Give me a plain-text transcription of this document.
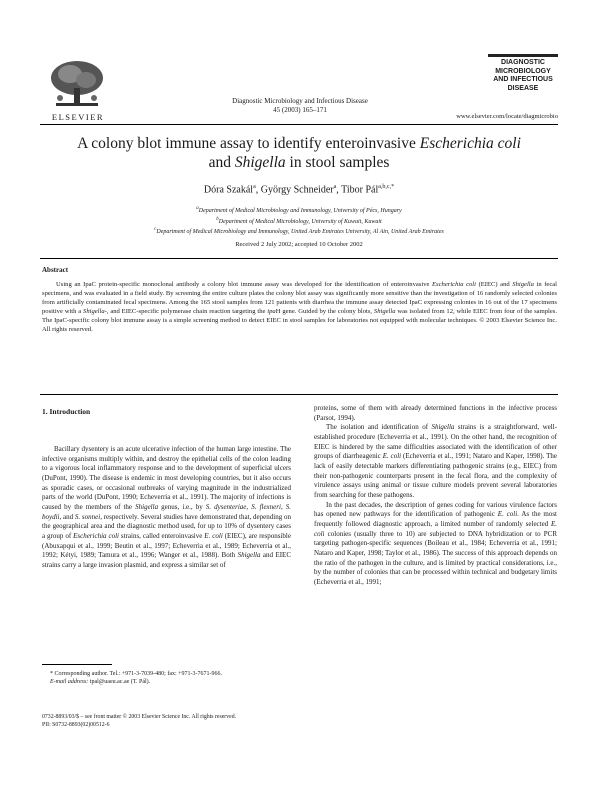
ELSEVIER
Diagnostic Microbiology and Infectious Disease
45 (2003) 165–171
DIAGNOSTIC
MICROBIOLOGY
AND INFECTIOUS
DISEASE
www.elsevier.com/locate/diagmicrobio
A colony blot immune assay to identify enteroinvasive Escherichia coli
and Shigella in stool samples
Dóra Szakál$^a$, György Schneider$^a$, Tibor Pál$^{a,b,c,*}$
$^a$Department of Medical Microbiology and Immunology, University of Pécs, Hungary
$^b$Department of Medical Microbiology, University of Kuwait, Kuwait
$^c$Department of Medical Microbiology and Immunology, United Arab Emirates University, Al Ain, United Arab Emirates
Received 2 July 2002; accepted 10 October 2002
Abstract
Using an IpaC protein-specific monoclonal antibody a colony blot immune assay was developed for the identification of enteroinvasive Escherichia coli (EIEC) and Shigella in fecal specimens, and was evaluated in a field study. By screening the entire culture plates the colony blot assay was significantly more sensitive than the investigation of 16 randomly selected colonies from artificially contaminated fecal specimens. Among the 165 stool samples from 121 patients with diarrhea the immune assay detected IpaC expressing colonies in 16 out of the 17 specimens positive with a Shigella-, and EIEC-specific polymerase chain reaction targeting the ipaH gene. Guided by the colony blots, Shigella was isolated from 12, while EIEC from four of the samples. The IpaC-specific colony blot immune assay is a simple screening method to detect EIEC in stool samples for laboratories not equipped with molecular techniques. © 2003 Elsevier Science Inc. All rights reserved.
1. Introduction

Bacillary dysentery is an acute ulcerative infection of the human large intestine. The infective organisms multiply within, and destroy the epithelial cells of the colon leading to a vigorous local inflammatory response and to the development of superficial ulcers (DuPont, 1990). The disease is endemic in most developing countries, but it also occurs as sporadic cases, or occasional outbreaks of varying magnitude in the industrialized parts of the world (DuPont, 1990; Echeverria et al., 1991). The majority of infections is caused by the members of the Shigella genus, i.e., by S. dysenteriae, S. flexneri, S. boydii, and S. sonnei, respectively. Several studies have demonstrated that, depending on the geographical area and the diagnostic method used, for up to 10% of dysentery cases a group of Escherichia coli strains, called enteroinvasive E. coli (EIEC), are responsible (Abuxapqui et al., 1999; Beutin et al., 1997; Echeverria et al., 1989; Echeverria et al., 1992; Kétyi, 1989; Tamura et al., 1996; Wanger et al., 1988). Both Shigella and EIEC strains carry a large invasion plasmid, and express a similar set of

proteins, some of them with already determined functions in the infective process (Parsot, 1994).

The isolation and identification of Shigella strains is a straightforward, well-established procedure (Echeverria et al., 1991). On the other hand, the recognition of EIEC is hindered by the same difficulties associated with the identification of other groups of diarrheagenic E. coli (Echeverria et al., 1991; Nataro and Kaper, 1998). The lack of easily detectable markers differentiating pathogenic strains (e.g., EIEC) from their non-pathogenic counterparts present in the fecal flora, and the complexity of virulence assays using animal or tissue culture models prevent several laboratories from searching for these pathogens.

In the past decades, the description of genes coding for various virulence factors has opened new pathways for the identification of pathogenic E. coli. As the most frequently followed diagnostic approach, a limited number of randomly selected E. coli colonies (usually three to 10) are subjected to DNA hybridization or to PCR targeting pathogen-specific sequences (Boileau et al., 1984; Echeverria et al., 1991; Nataro and Kaper, 1998; Taylor et al., 1986). The success of this approach depends on the ratio of the pathogen in the culture, and is limited by practical considerations, i.e., by the number of colonies that can be processed within technical and budgetary limits (Echeverria et al., 1991;

* Corresponding author. Tel.: +971-3-7039-480; fax: +971-3-7671-966.

E-mail address: tpal@uaeu.ac.ae (T. Pál).

0732-8893/03/$ – see front matter © 2003 Elsevier Science Inc. All rights reserved.

PII: S0732-8893(02)00512-6
